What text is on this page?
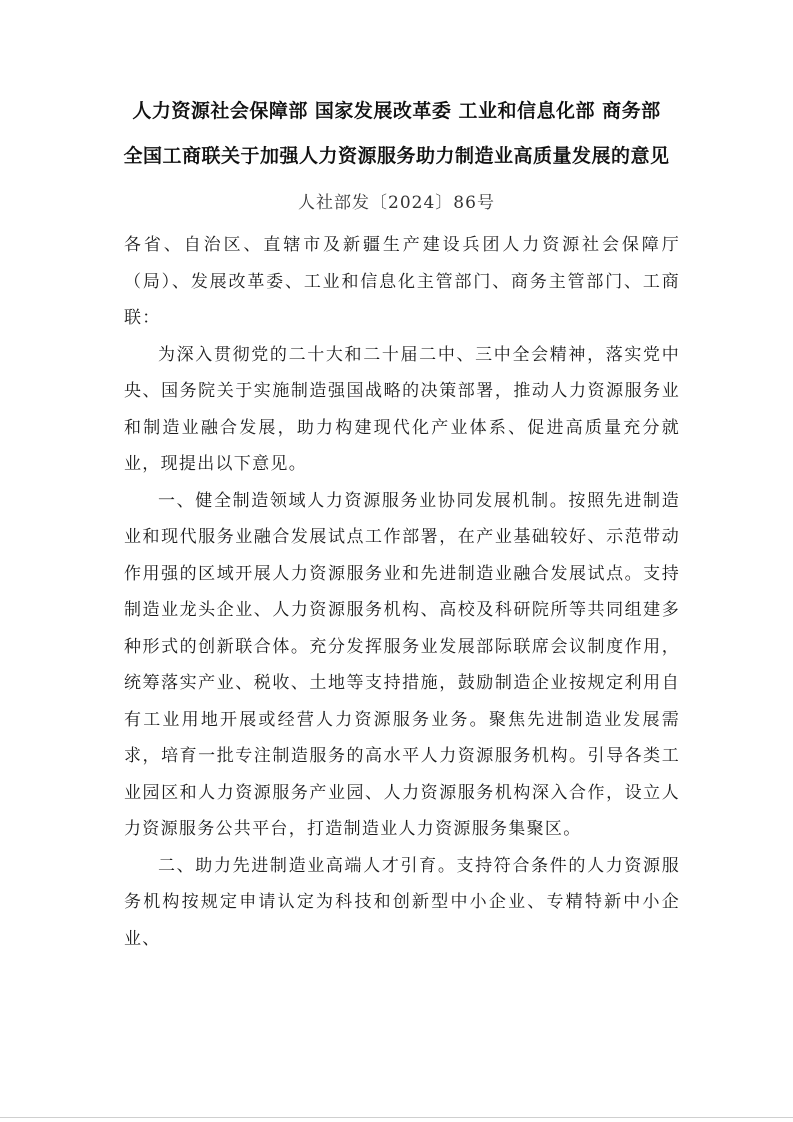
人力资源社会保障部 国家发展改革委 工业和信息化部 商务部
全国工商联关于加强人力资源服务助力制造业高质量发展的意见
人社部发〔2024〕86号

各省、自治区、直辖市及新疆生产建设兵团人力资源社会保障厅（局）、发展改革委、工业和信息化主管部门、商务主管部门、工商联：

为深入贯彻党的二十大和二十届二中、三中全会精神，落实党中央、国务院关于实施制造强国战略的决策部署，推动人力资源服务业和制造业融合发展，助力构建现代化产业体系、促进高质量充分就业，现提出以下意见。

一、健全制造领域人力资源服务业协同发展机制。按照先进制造业和现代服务业融合发展试点工作部署，在产业基础较好、示范带动作用强的区域开展人力资源服务业和先进制造业融合发展试点。支持制造业龙头企业、人力资源服务机构、高校及科研院所等共同组建多种形式的创新联合体。充分发挥服务业发展部际联席会议制度作用，统筹落实产业、税收、土地等支持措施，鼓励制造企业按规定利用自有工业用地开展或经营人力资源服务业务。聚焦先进制造业发展需求，培育一批专注制造服务的高水平人力资源服务机构。引导各类工业园区和人力资源服务产业园、人力资源服务机构深入合作，设立人力资源服务公共平台，打造制造业人力资源服务集聚区。

二、助力先进制造业高端人才引育。支持符合条件的人力资源服务机构按规定申请认定为科技和创新型中小企业、专精特新中小企业、
